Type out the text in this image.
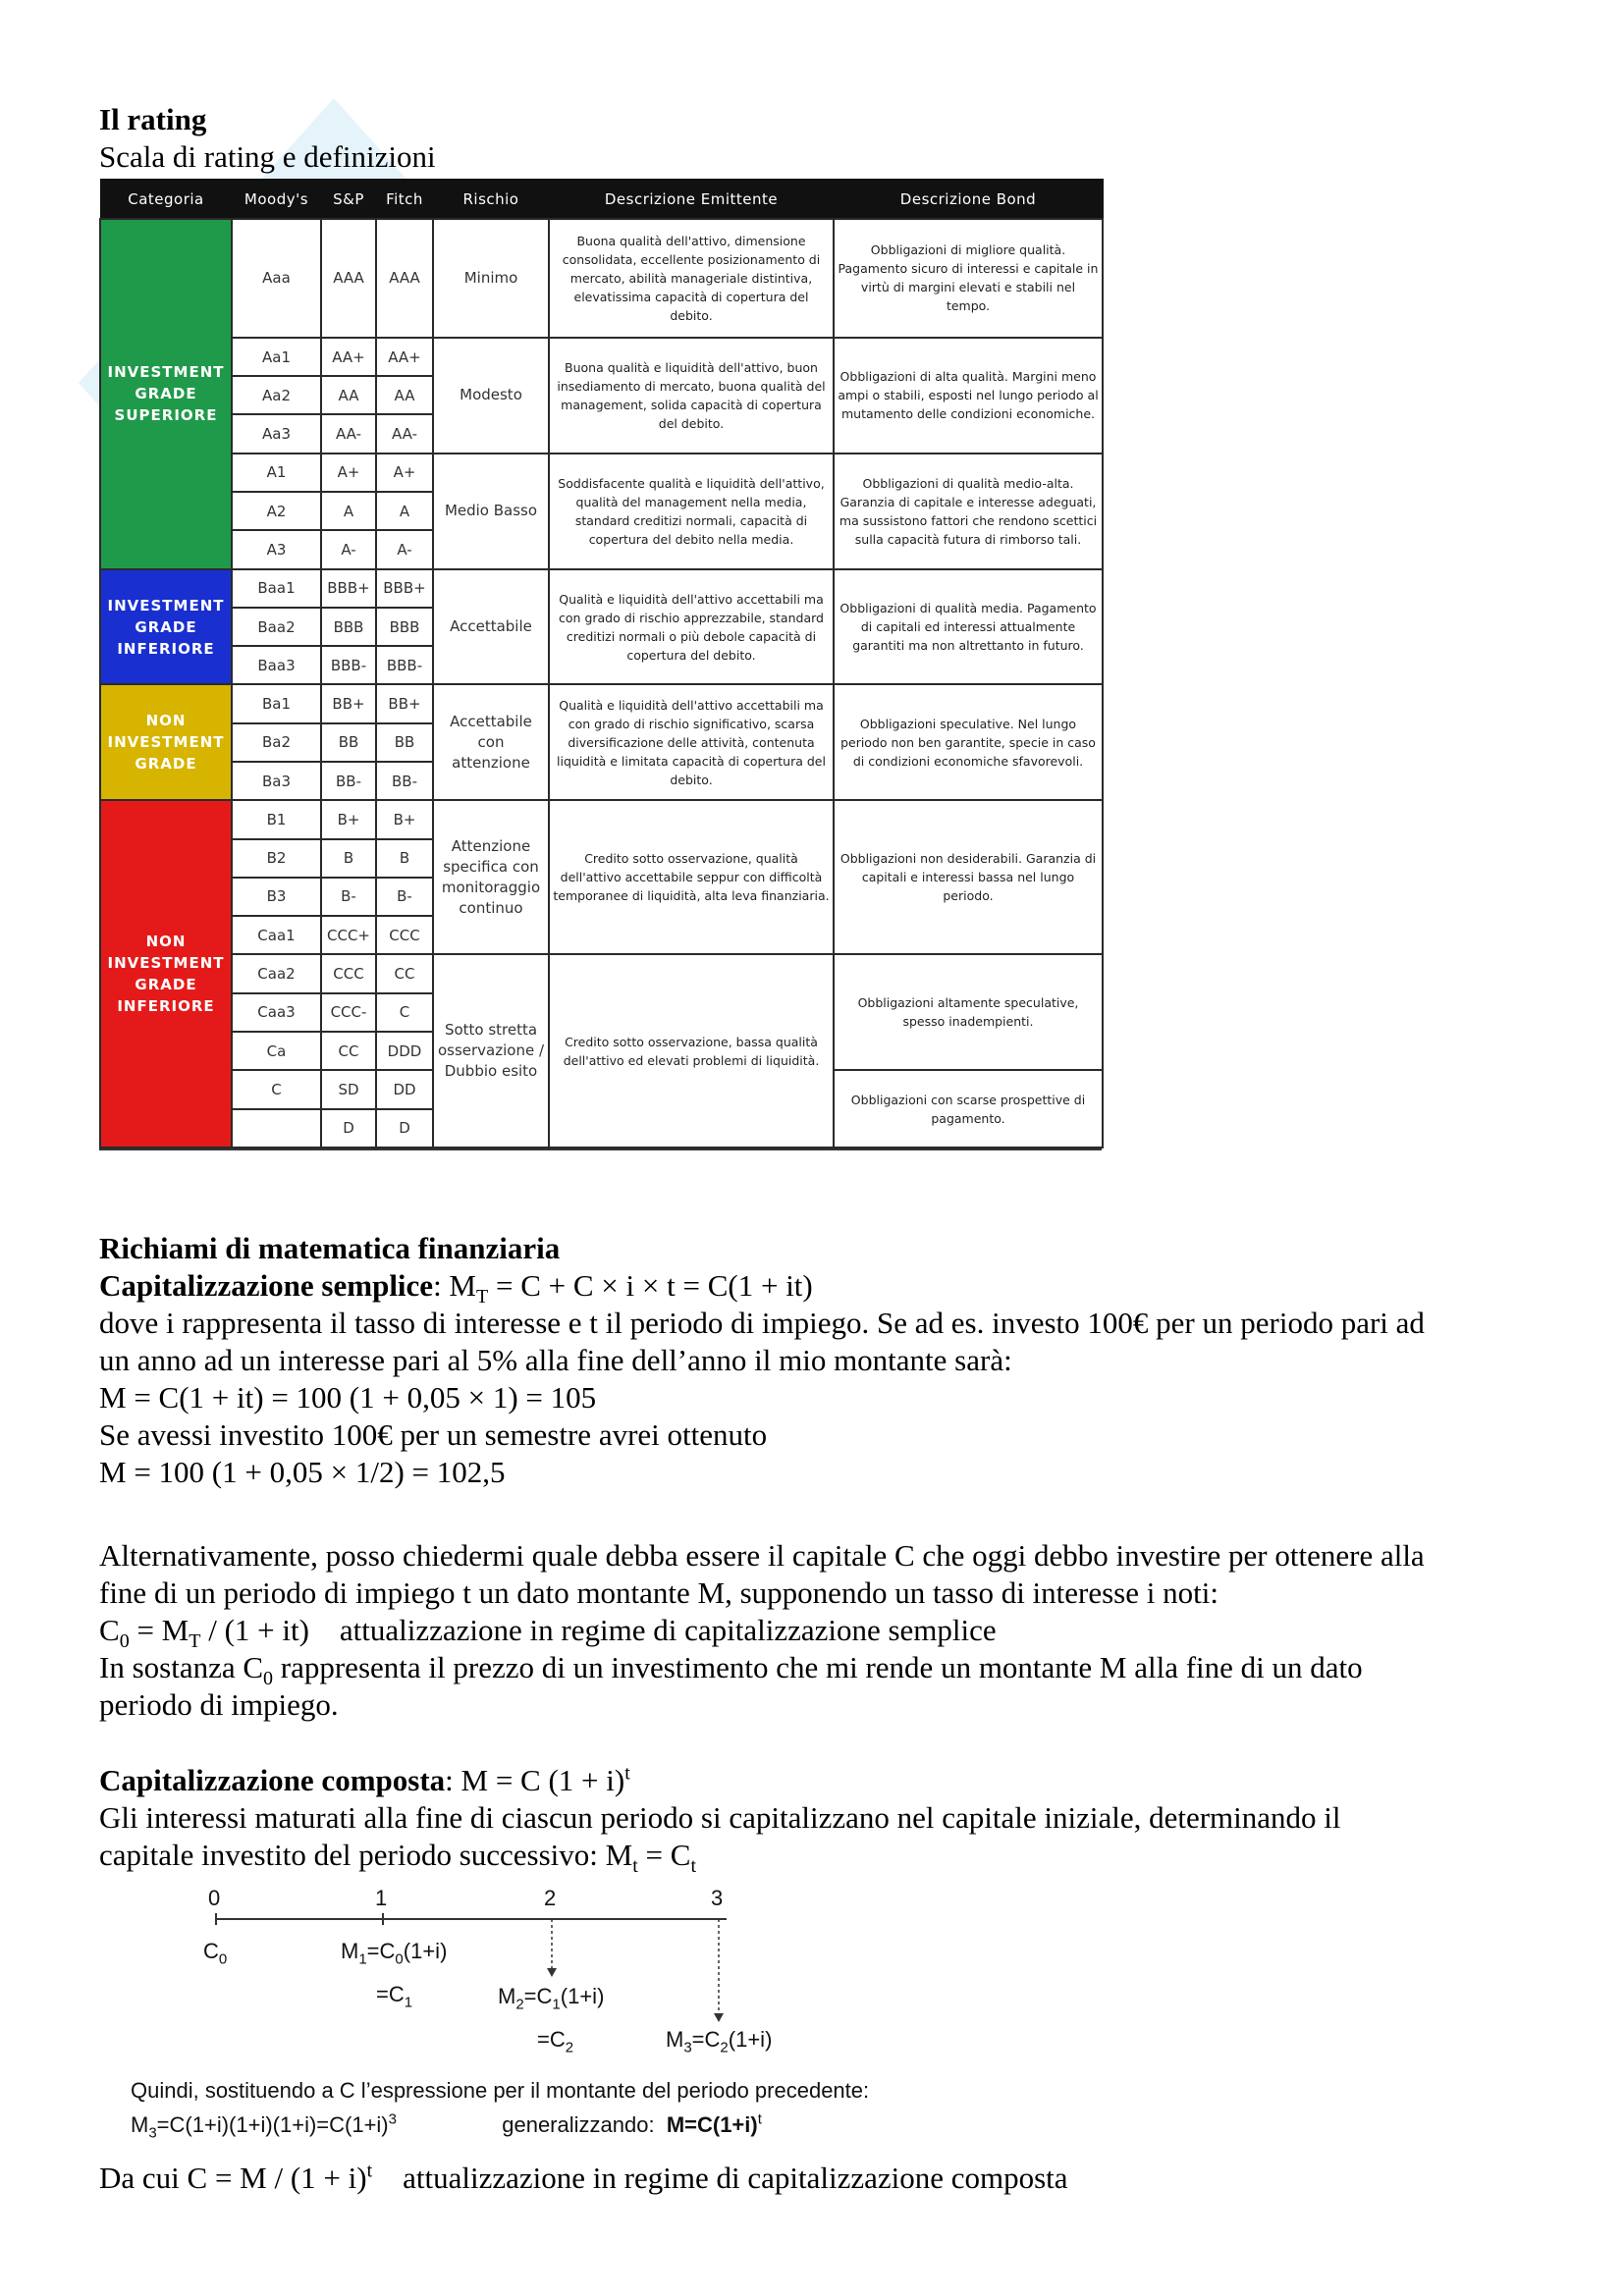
Il rating

Scala di rating e definizioni

Categoria	Moody's	S&P	Fitch	Rischio	Descrizione Emittente	Descrizione Bond
INVESTMENT GRADE SUPERIORE	Aaa	AAA	AAA	Minimo	Buona qualità dell'attivo, dimensione consolidata, eccellente posizionamento di mercato, abilità manageriale distintiva, elevatissima capacità di copertura del debito.	Obbligazioni di migliore qualità. Pagamento sicuro di interessi e capitale in virtù di margini elevati e stabili nel tempo.
	Aa1	AA+	AA+	Modesto	Buona qualità e liquidità dell'attivo, buon insediamento di mercato, buona qualità del management, solida capacità di copertura del debito.	Obbligazioni di alta qualità. Margini meno ampi o stabili, esposti nel lungo periodo al mutamento delle condizioni economiche.
	Aa2	AA	AA			
	Aa3	AA-	AA-			
	A1	A+	A+	Medio Basso	Soddisfacente qualità e liquidità dell'attivo, qualità del management nella media, standard creditizi normali, capacità di copertura del debito nella media.	Obbligazioni di qualità medio-alta. Garanzia di capitale e interesse adeguati, ma sussistono fattori che rendono scettici sulla capacità futura di rimborso tali.
	A2	A	A			
	A3	A-	A-			
INVESTMENT GRADE INFERIORE	Baa1	BBB+	BBB+	Accettabile	Qualità e liquidità dell'attivo accettabili ma con grado di rischio apprezzabile, standard creditizi normali o più debole capacità di copertura del debito.	Obbligazioni di qualità media. Pagamento di capitali ed interessi attualmente garantiti ma non altrettanto in futuro.
	Baa2	BBB	BBB			
	Baa3	BBB-	BBB-			
NON INVESTMENT GRADE	Ba1	BB+	BB+	Accettabile con attenzione	Qualità e liquidità dell'attivo accettabili ma con grado di rischio significativo, scarsa diversificazione delle attività, contenuta liquidità e limitata capacità di copertura del debito.	Obbligazioni speculative. Nel lungo periodo non ben garantite, specie in caso di condizioni economiche sfavorevoli.
	Ba2	BB	BB			
	Ba3	BB-	BB-			
NON INVESTMENT GRADE INFERIORE	B1	B+	B+	Attenzione specifica con monitoraggio continuo	Credito sotto osservazione, qualità dell'attivo accettabile seppur con difficoltà temporanee di liquidità, alta leva finanziaria.	Obbligazioni non desiderabili. Garanzia di capitali e interessi bassa nel lungo periodo.
	B2	B	B			
	B3	B-	B-			
	Caa1	CCC+	CCC			
	Caa2	CCC	CC	Sotto stretta osservazione / Dubbio esito	Credito sotto osservazione, bassa qualità dell'attivo ed elevati problemi di liquidità.	Obbligazioni altamente speculative, spesso inadempienti.
	Caa3	CCC-	C			
	Ca	CC	DDD			
	C	SD	DD			Obbligazioni con scarse prospettive di pagamento.
		D	D			

Richiami di matematica finanziaria

Capitalizzazione semplice: $M_T = C + C \times i \times t = C(1 + it)$

dove i rappresenta il tasso di interesse e t il periodo di impiego. Se ad es. investo 100€ per un periodo pari ad

un anno ad un interesse pari al 5% alla fine dell’anno il mio montante sarà:

M = C(1 + it) = 100 (1 + 0,05 × 1) = 105

Se avessi investito 100€ per un semestre avrei ottenuto

M = 100 (1 + 0,05 × 1/2) = 102,5

Alternativamente, posso chiedermi quale debba essere il capitale C che oggi debbo investire per ottenere alla

fine di un periodo di impiego t un dato montante M, supponendo un tasso di interesse i noti:

$C_0 = M_T / (1 + it)$    attualizzazione in regime di capitalizzazione semplice

In sostanza $C_0$ rappresenta il prezzo di un investimento che mi rende un montante M alla fine di un dato

periodo di impiego.

Capitalizzazione composta: M = C $(1 + i)^t$

Gli interessi maturati alla fine di ciascun periodo si capitalizzano nel capitale iniziale, determinando il

capitale investito del periodo successivo: $M_t = C_t$

0	1	2	3
$C_0$	$M_1=C_0(1+i)$
$=C_1$	$M_2=C_1(1+i)$
$=C_2$	$M_3=C_2(1+i)$
Quindi, sostituendo a C l’espressione per il montante del periodo precedente:
$M_3=C(1+i)(1+i)(1+i)=C(1+i)^3$	generalizzando: $M=C(1+i)^t$

Da cui $C = M / (1 + i)^t$    attualizzazione in regime di capitalizzazione composta
